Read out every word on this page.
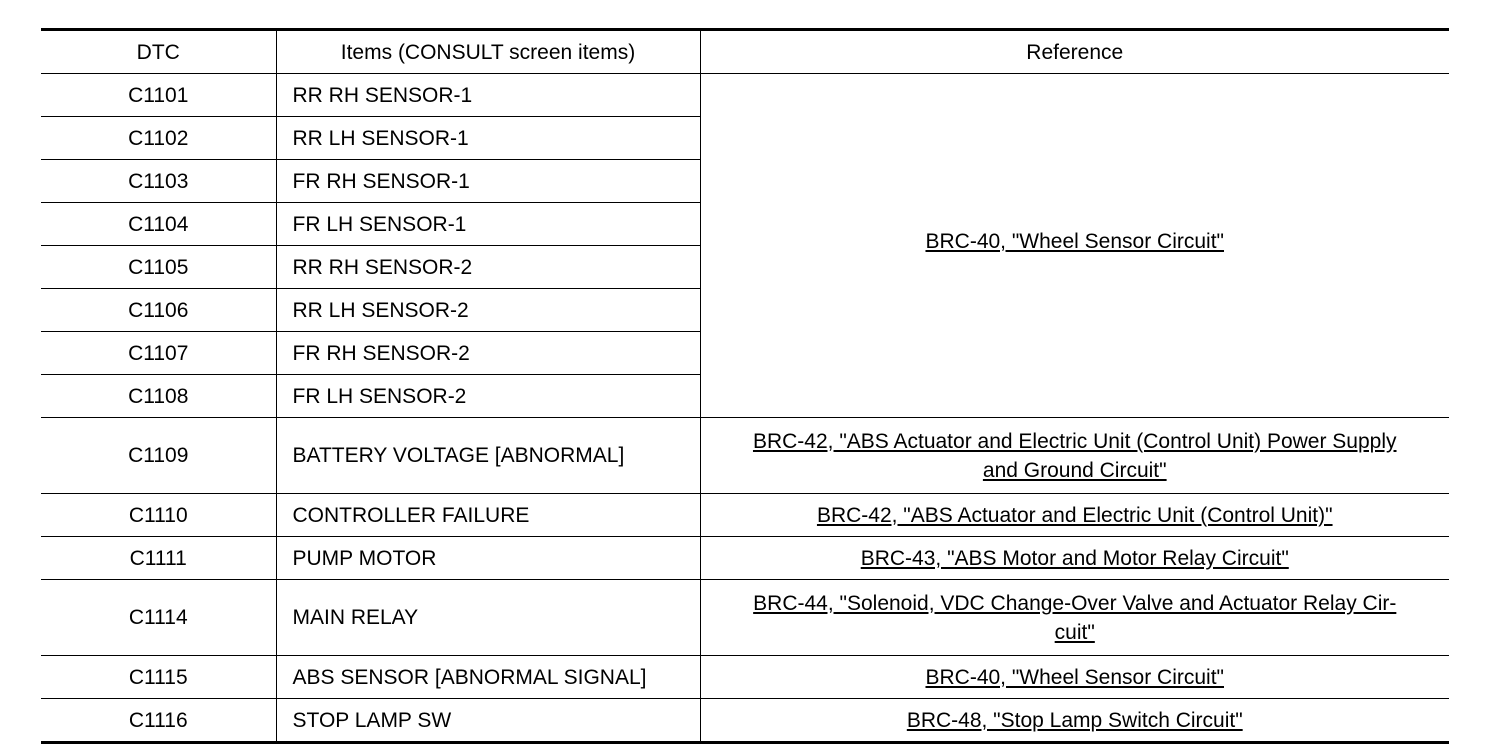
DTC	Items (CONSULT screen items)	Reference
C1101	RR RH SENSOR-1	BRC-40, "Wheel Sensor Circuit"
C1102	RR LH SENSOR-1	
C1103	FR RH SENSOR-1	
C1104	FR LH SENSOR-1	
C1105	RR RH SENSOR-2	
C1106	RR LH SENSOR-2	
C1107	FR RH SENSOR-2	
C1108	FR LH SENSOR-2	
C1109	BATTERY VOLTAGE [ABNORMAL]	BRC-42, "ABS Actuator and Electric Unit (Control Unit) Power Supply
and Ground Circuit"
C1110	CONTROLLER FAILURE	BRC-42, "ABS Actuator and Electric Unit (Control Unit)"
C1111	PUMP MOTOR	BRC-43, "ABS Motor and Motor Relay Circuit"
C1114	MAIN RELAY	BRC-44, "Solenoid, VDC Change-Over Valve and Actuator Relay Cir-
cuit"
C1115	ABS SENSOR [ABNORMAL SIGNAL]	BRC-40, "Wheel Sensor Circuit"
C1116	STOP LAMP SW	BRC-48, "Stop Lamp Switch Circuit"
